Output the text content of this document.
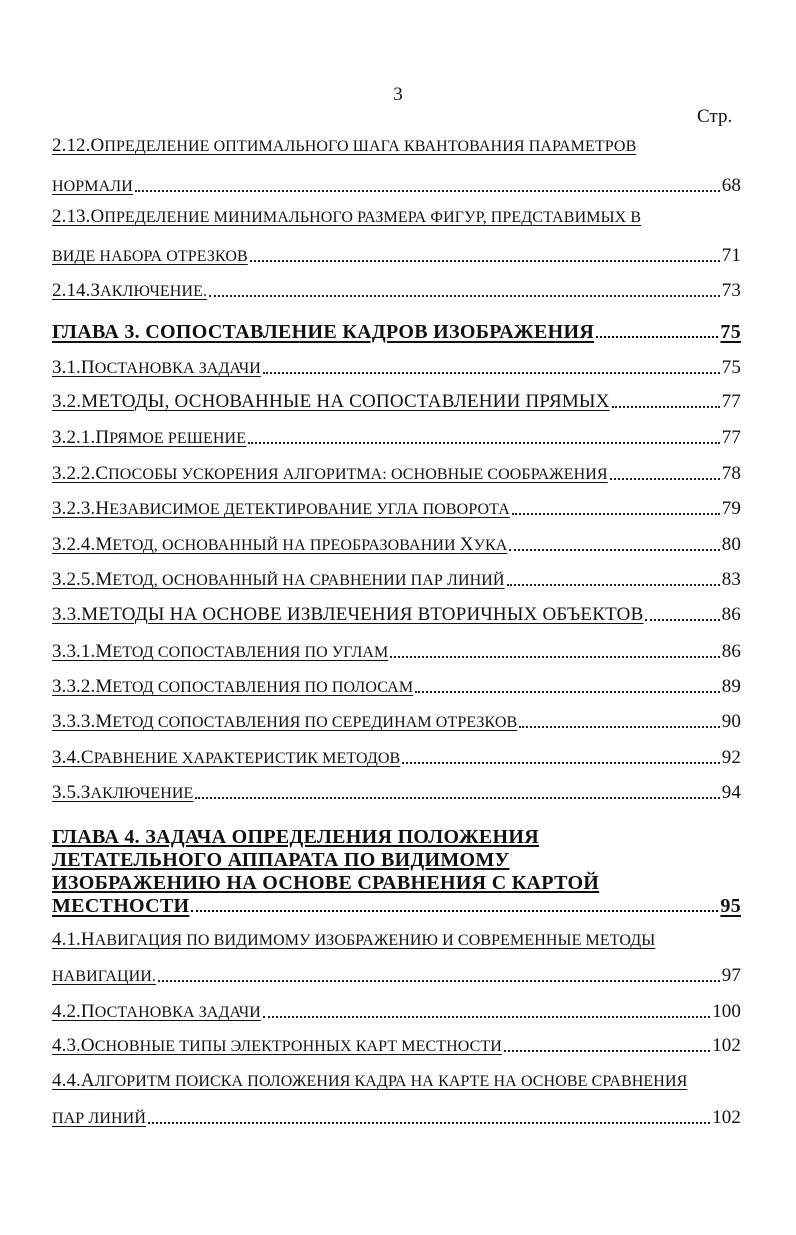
3
Стр.
2.12.ОПРЕДЕЛЕНИЕ ОПТИМАЛЬНОГО ШАГА КВАНТОВАНИЯ ПАРАМЕТРОВ
НОРМАЛИ	68
2.13.ОПРЕДЕЛЕНИЕ МИНИМАЛЬНОГО РАЗМЕРА ФИГУР, ПРЕДСТАВИМЫХ В
ВИДЕ НАБОРА ОТРЕЗКОВ	71
2.14.ЗАКЛЮЧЕНИЕ.	73
ГЛАВА 3. СОПОСТАВЛЕНИЕ КАДРОВ ИЗОБРАЖЕНИЯ	75
3.1.ПОСТАНОВКА ЗАДАЧИ	75
3.2.МЕТОДЫ, ОСНОВАННЫЕ НА СОПОСТАВЛЕНИИ ПРЯМЫХ	77
3.2.1.ПРЯМОЕ РЕШЕНИЕ	77
3.2.2.СПОСОБЫ УСКОРЕНИЯ АЛГОРИТМА: ОСНОВНЫЕ СООБРАЖЕНИЯ	78
3.2.3.НЕЗАВИСИМОЕ ДЕТЕКТИРОВАНИЕ УГЛА ПОВОРОТА	79
3.2.4.МЕТОД, ОСНОВАННЫЙ НА ПРЕОБРАЗОВАНИИ ХУКА	80
3.2.5.МЕТОД, ОСНОВАННЫЙ НА СРАВНЕНИИ ПАР ЛИНИЙ	83
3.3.МЕТОДЫ НА ОСНОВЕ ИЗВЛЕЧЕНИЯ ВТОРИЧНЫХ ОБЪЕКТОВ	86
3.3.1.МЕТОД СОПОСТАВЛЕНИЯ ПО УГЛАМ	86
3.3.2.МЕТОД СОПОСТАВЛЕНИЯ ПО ПОЛОСАМ	89
3.3.3.МЕТОД СОПОСТАВЛЕНИЯ ПО СЕРЕДИНАМ ОТРЕЗКОВ	90
3.4.СРАВНЕНИЕ ХАРАКТЕРИСТИК МЕТОДОВ	92
3.5.ЗАКЛЮЧЕНИЕ	94
ГЛАВА 4. ЗАДАЧА ОПРЕДЕЛЕНИЯ ПОЛОЖЕНИЯ
ЛЕТАТЕЛЬНОГО АППАРАТА ПО ВИДИМОМУ
ИЗОБРАЖЕНИЮ НА ОСНОВЕ СРАВНЕНИЯ С КАРТОЙ
МЕСТНОСТИ	95
4.1.НАВИГАЦИЯ ПО ВИДИМОМУ ИЗОБРАЖЕНИЮ И СОВРЕМЕННЫЕ МЕТОДЫ
НАВИГАЦИИ.	97
4.2.ПОСТАНОВКА ЗАДАЧИ	100
4.3.ОСНОВНЫЕ ТИПЫ ЭЛЕКТРОННЫХ КАРТ МЕСТНОСТИ	102
4.4.АЛГОРИТМ ПОИСКА ПОЛОЖЕНИЯ КАДРА НА КАРТЕ НА ОСНОВЕ СРАВНЕНИЯ
ПАР ЛИНИЙ	102
